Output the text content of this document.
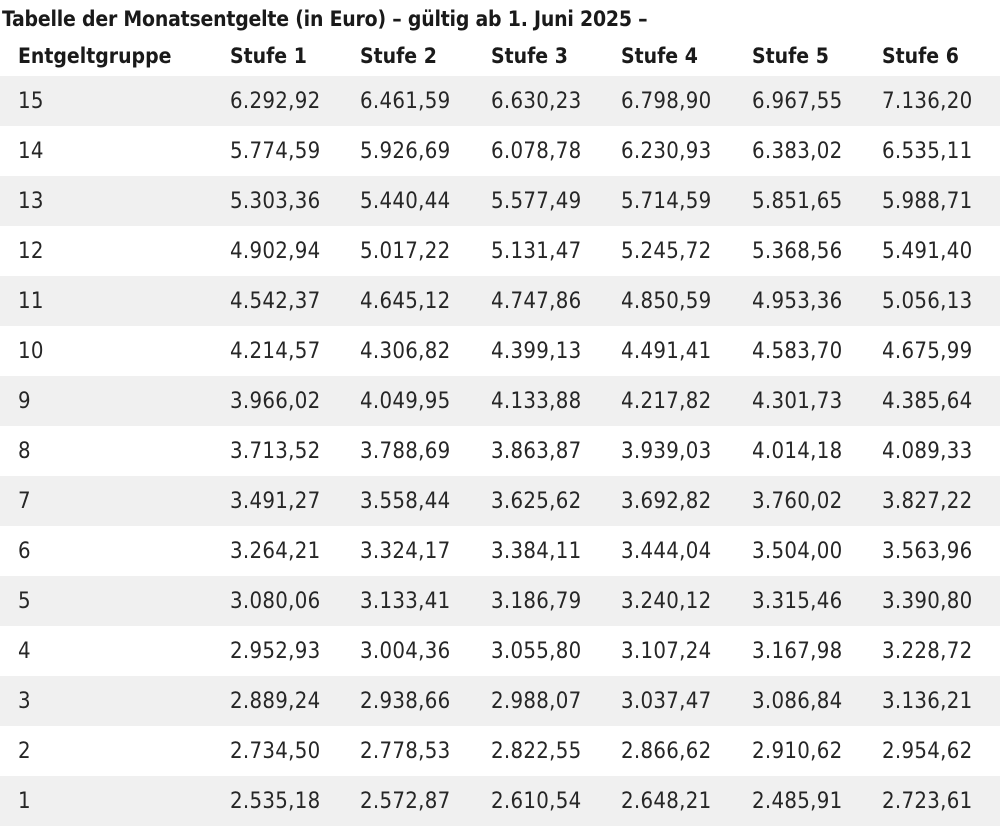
Tabelle der Monatsentgelte (in Euro) – gültig ab 1. Juni 2025 –
Entgeltgruppe	Stufe 1	Stufe 2	Stufe 3	Stufe 4	Stufe 5	Stufe 6
15	6.292,92	6.461,59	6.630,23	6.798,90	6.967,55	7.136,20
14	5.774,59	5.926,69	6.078,78	6.230,93	6.383,02	6.535,11
13	5.303,36	5.440,44	5.577,49	5.714,59	5.851,65	5.988,71
12	4.902,94	5.017,22	5.131,47	5.245,72	5.368,56	5.491,40
11	4.542,37	4.645,12	4.747,86	4.850,59	4.953,36	5.056,13
10	4.214,57	4.306,82	4.399,13	4.491,41	4.583,70	4.675,99
9	3.966,02	4.049,95	4.133,88	4.217,82	4.301,73	4.385,64
8	3.713,52	3.788,69	3.863,87	3.939,03	4.014,18	4.089,33
7	3.491,27	3.558,44	3.625,62	3.692,82	3.760,02	3.827,22
6	3.264,21	3.324,17	3.384,11	3.444,04	3.504,00	3.563,96
5	3.080,06	3.133,41	3.186,79	3.240,12	3.315,46	3.390,80
4	2.952,93	3.004,36	3.055,80	3.107,24	3.167,98	3.228,72
3	2.889,24	2.938,66	2.988,07	3.037,47	3.086,84	3.136,21
2	2.734,50	2.778,53	2.822,55	2.866,62	2.910,62	2.954,62
1	2.535,18	2.572,87	2.610,54	2.648,21	2.485,91	2.723,61
